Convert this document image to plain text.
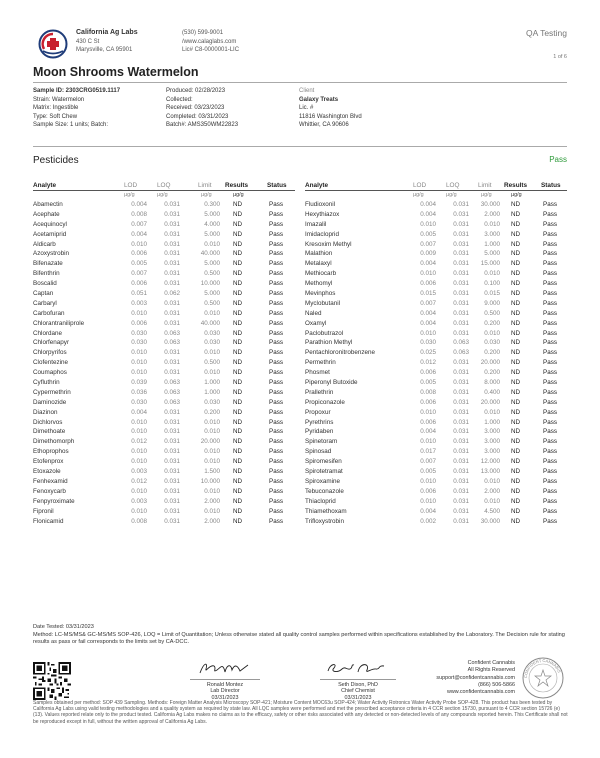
California Ag Labs
430 C St
Marysville, CA 95901
(530) 599-9001
/www.calaglabs.com
Lic# C8-0000001-LIC
QA Testing
1 of 6
Moon Shrooms Watermelon
Sample ID: 2303CRG0519.1117
Strain: Watermelon
Matrix: Ingestible
Type: Soft Chew
Sample Size: 1 units; Batch:
Produced: 02/28/2023
Collected:
Received: 03/23/2023
Completed: 03/31/2023
Batch#: AMS350WM22823
Client
Galaxy Treats
Lic. #
11816 Washington Blvd
Whittier, CA 90606
Pesticides	Pass
Analyte	LOD	LOQ	Limit Results	Status
µg/g	µg/g	µg/g	µg/g
Analyte	LOD	LOQ	Limit Results Status
µg/g	µg/g	µg/g	µg/g
Abamectin	0.004	0.031	0.300 ND	Pass
Acephate	0.008	0.031	5.000 ND	Pass
Acequinocyl	0.007	0.031	4.000 ND	Pass
Acetamiprid	0.004	0.031	5.000 ND	Pass
Aldicarb	0.010	0.031	0.010 ND	Pass
Azoxystrobin	0.006	0.031	40.000 ND	Pass
Bifenazate	0.005	0.031	5.000 ND	Pass
Bifenthrin	0.007	0.031	0.500 ND	Pass
Boscalid	0.006	0.031	10.000 ND	Pass
Captan	0.051	0.062	5.000 ND	Pass
Carbaryl	0.003	0.031	0.500 ND	Pass
Carbofuran	0.010	0.031	0.010 ND	Pass
Chlorantraniliprole	0.006	0.031	40.000 ND	Pass
Chlordane	0.030	0.063	0.030 ND	Pass
Chlorfenapyr	0.030	0.063	0.030 ND	Pass
Chlorpyrifos	0.010	0.031	0.010 ND	Pass
Clofentezine	0.010	0.031	0.500 ND	Pass
Coumaphos	0.010	0.031	0.010 ND	Pass
Cyfluthrin	0.039	0.063	1.000 ND	Pass
Cypermethrin	0.036	0.063	1.000 ND	Pass
Daminozide	0.030	0.063	0.030 ND	Pass
Diazinon	0.004	0.031	0.200 ND	Pass
Dichlorvos	0.010	0.031	0.010 ND	Pass
Dimethoate	0.010	0.031	0.010 ND	Pass
Dimethomorph	0.012	0.031	20.000 ND	Pass
Ethoprophos	0.010	0.031	0.010 ND	Pass
Etofenprox	0.010	0.031	0.010 ND	Pass
Etoxazole	0.003	0.031	1.500 ND	Pass
Fenhexamid	0.012	0.031	10.000 ND	Pass
Fenoxycarb	0.010	0.031	0.010 ND	Pass
Fenpyroximate	0.003	0.031	2.000 ND	Pass
Fipronil	0.010	0.031	0.010 ND	Pass
Flonicamid	0.008	0.031	2.000 ND	Pass
Fludioxonil	0.004	0.031	30.000 ND	Pass
Hexythiazox	0.004	0.031	2.000 ND	Pass
Imazalil	0.010	0.031	0.010 ND	Pass
Imidacloprid	0.005	0.031	3.000 ND	Pass
Kresoxim Methyl	0.007	0.031	1.000 ND	Pass
Malathion	0.009	0.031	5.000 ND	Pass
Metalaxyl	0.004	0.031	15.000 ND	Pass
Methiocarb	0.010	0.031	0.010 ND	Pass
Methomyl	0.006	0.031	0.100 ND	Pass
Mevinphos	0.015	0.031	0.015 ND	Pass
Myclobutanil	0.007	0.031	9.000 ND	Pass
Naled	0.004	0.031	0.500 ND	Pass
Oxamyl	0.004	0.031	0.200 ND	Pass
Paclobutrazol	0.010	0.031	0.010 ND	Pass
Parathion Methyl	0.030	0.063	0.030 ND	Pass
Pentachloronitrobenzene	0.025	0.063	0.200 ND	Pass
Permethrin	0.012	0.031	20.000 ND	Pass
Phosmet	0.006	0.031	0.200 ND	Pass
Piperonyl Butoxide	0.005	0.031	8.000 ND	Pass
Prallethrin	0.008	0.031	0.400 ND	Pass
Propiconazole	0.006	0.031	20.000 ND	Pass
Propoxur	0.010	0.031	0.010 ND	Pass
Pyrethrins	0.006	0.031	1.000 ND	Pass
Pyridaben	0.004	0.031	3.000 ND	Pass
Spinetoram	0.010	0.031	3.000 ND	Pass
Spinosad	0.017	0.031	3.000 ND	Pass
Spiromesifen	0.007	0.031	12.000 ND	Pass
Spirotetramat	0.005	0.031	13.000 ND	Pass
Spiroxamine	0.010	0.031	0.010 ND	Pass
Tebuconazole	0.006	0.031	2.000 ND	Pass
Thiacloprid	0.010	0.031	0.010 ND	Pass
Thiamethoxam	0.004	0.031	4.500 ND	Pass
Trifloxystrobin	0.002	0.031	30.000 ND	Pass
Date Tested: 03/31/2023
Method: LC-MS/MS& GC-MS/MS SOP-426, LOQ = Limit of Quantitation; Unless otherwise stated all quality control samples performed within specifications established by the Laboratory. The Decision rule for stating results as pass or fail corresponds to the limits set by CA-DCC.
Ronald Montez
Lab Director
03/31/2023
Seth Dixon, PhD
Chief Chemist
03/31/2023
Confident Cannabis
All Rights Reserved
support@confidentcannabis.com
(866) 506-5866
www.confidentcannabis.com
CONFIDENT CANNABIS
Samples obtained per method: SOP 439 Sampling. Methods: Foreign Matter Analysis Microscopy SOP-421; Moisture Content MOC63u SOP-424; Water Activity Rotronics Water Activity Probe SOP-428. This product has been tested by California Ag Labs using valid testing methodologies and a quality system as required by state law. All LQC samples were performed and met the prescribed acceptance criteria in 4 CCR section 15730, pursuant to 4 CCR section 15726 (e) (13). Values reported relate only to the product tested. California Ag Labs makes no claims as to the efficacy, safety or other risks associated with any detected or non-detected levels of any compounds reported herein. This Certificate shall not be reproduced except in full, without the written approval of California Ag Labs.
